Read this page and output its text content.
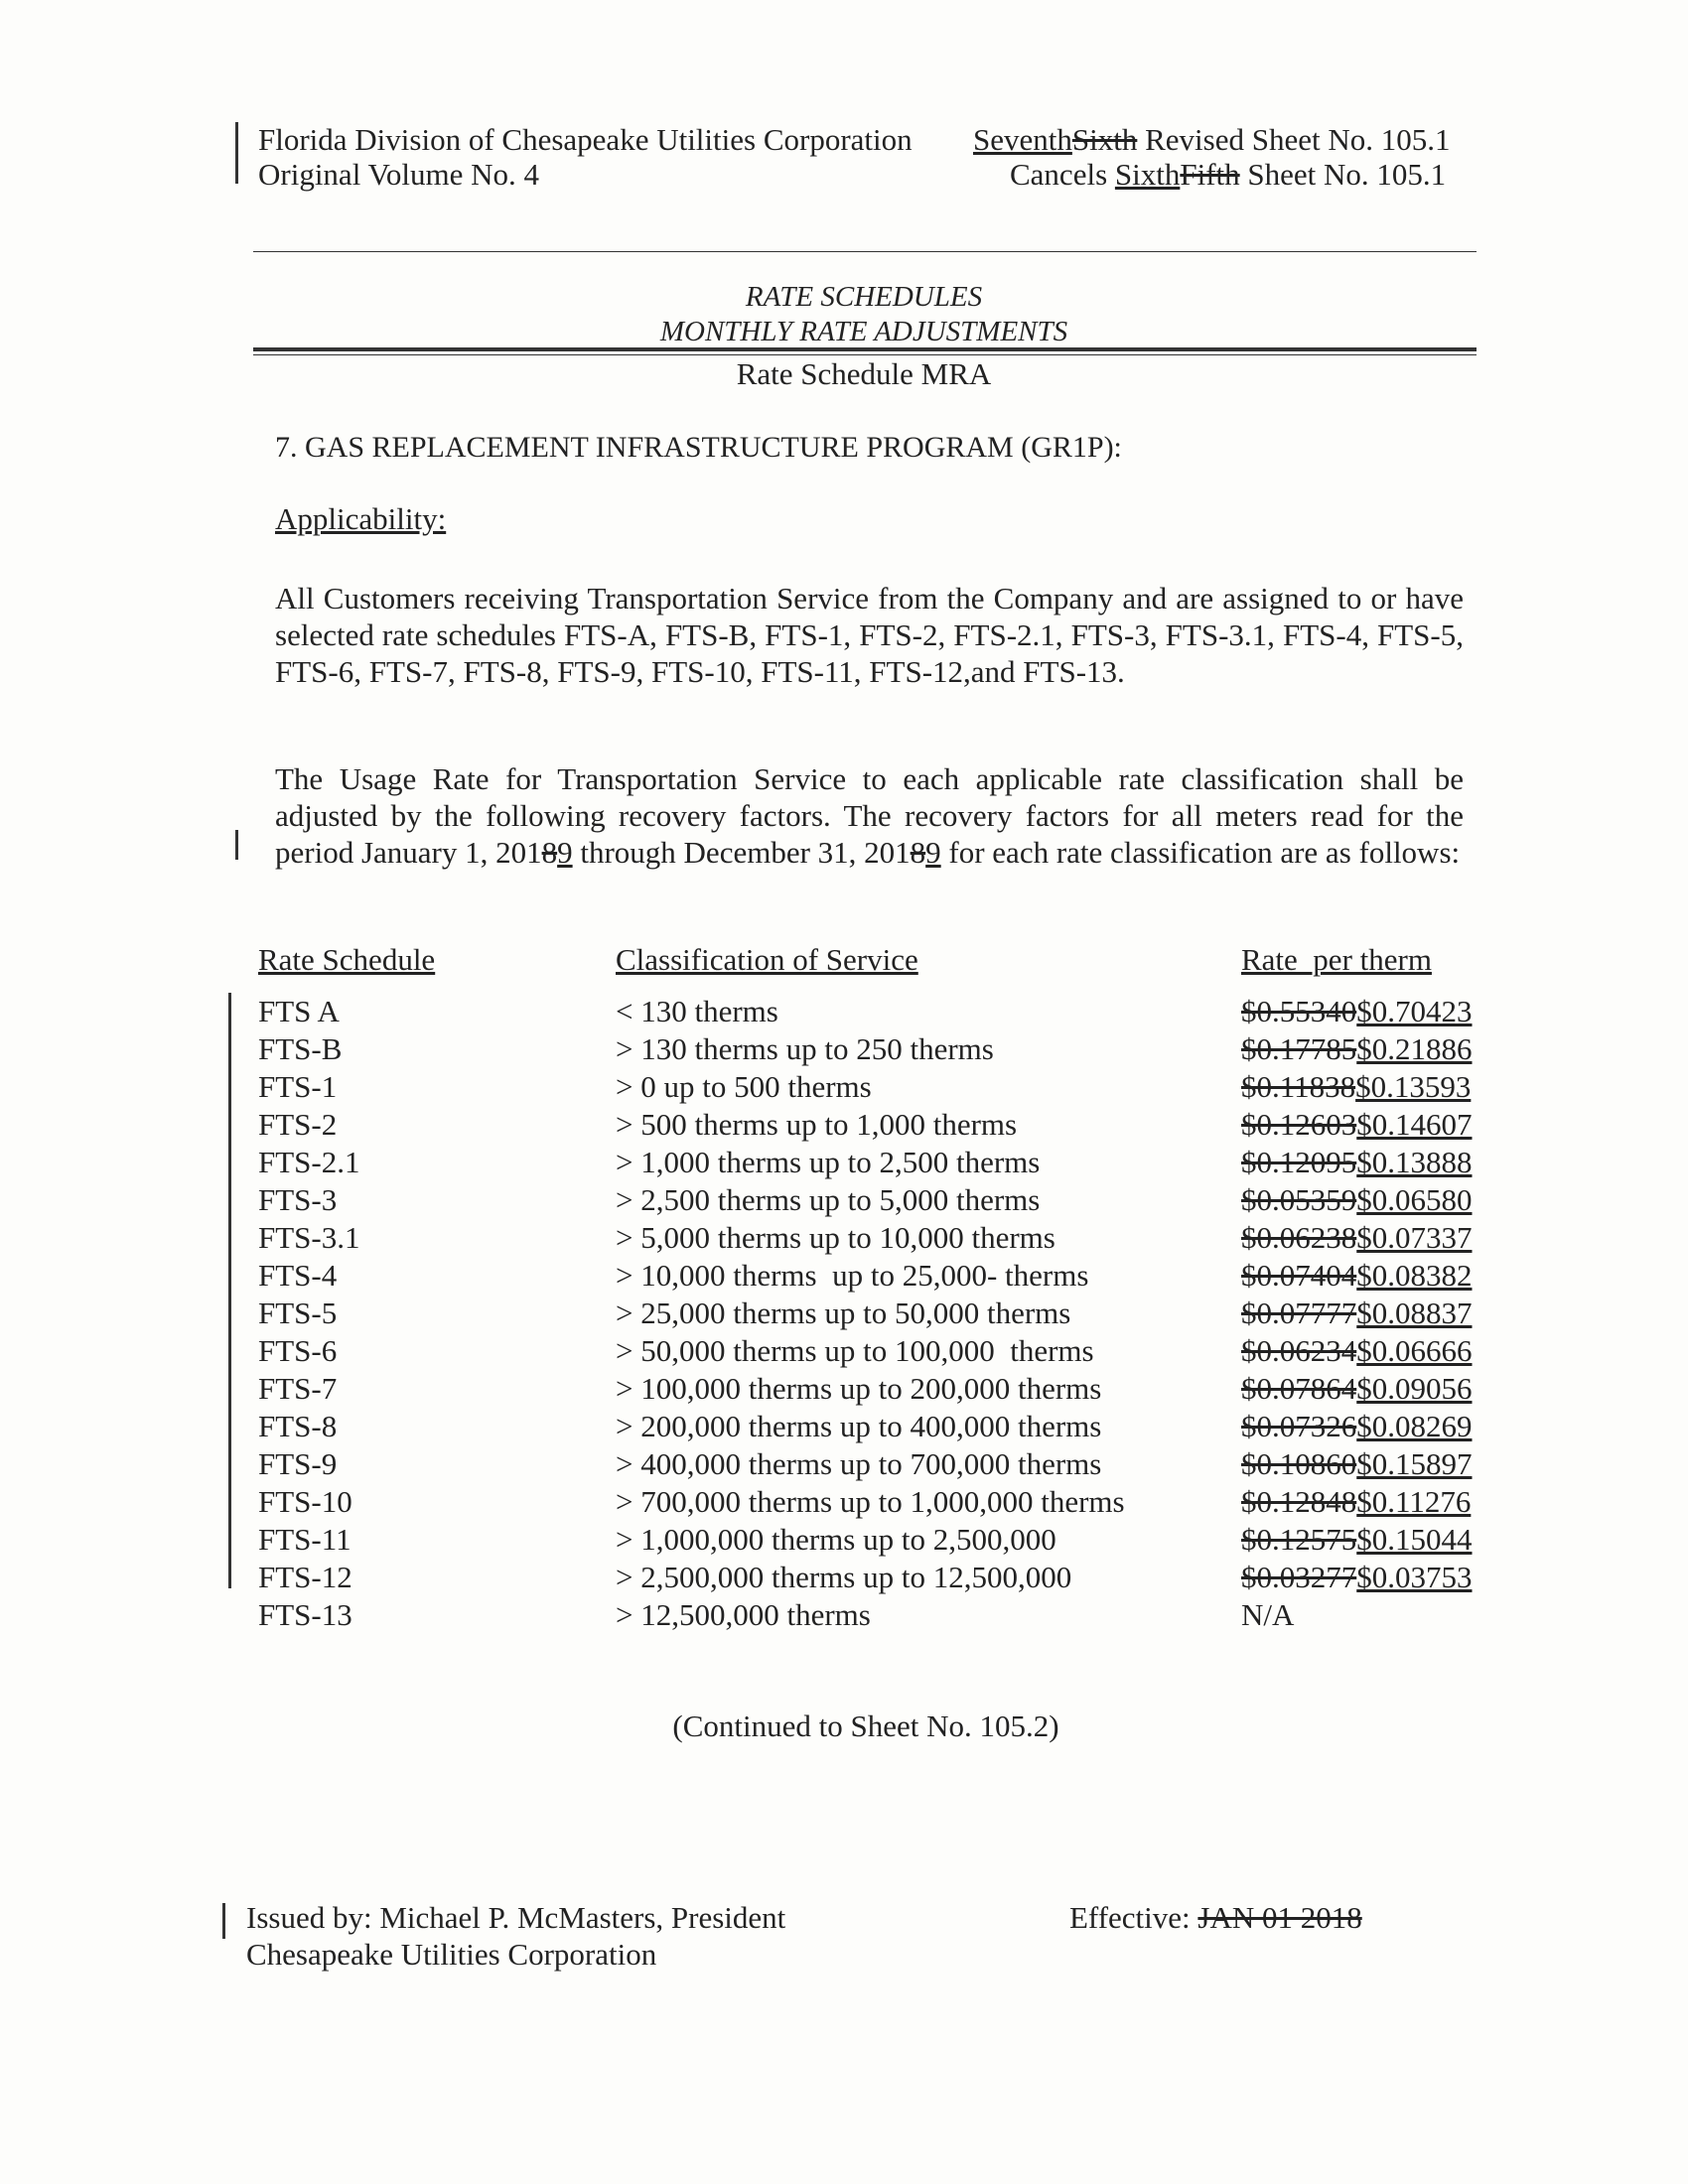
Florida Division of Chesapeake Utilities Corporation
Original Volume No. 4
SeventhSixth Revised Sheet No. 105.1
Cancels SixthFifth Sheet No. 105.1
RATE SCHEDULES
MONTHLY RATE ADJUSTMENTS
Rate Schedule MRA
7. GAS REPLACEMENT INFRASTRUCTURE PROGRAM (GR1P):
Applicability:
All Customers receiving Transportation Service from the Company and are assigned to or have selected rate schedules FTS-A, FTS-B, FTS-1, FTS-2, FTS-2.1, FTS-3, FTS-3.1, FTS-4, FTS-5, FTS-6, FTS-7, FTS-8, FTS-9, FTS-10, FTS-11, FTS-12,and FTS-13.
The Usage Rate for Transportation Service to each applicable rate classification shall be adjusted by the following recovery factors. The recovery factors for all meters read for the period January 1, 20189 through December 31, 20189 for each rate classification are as follows:
Rate Schedule	Classification of Service	Rate  per therm
FTS A	< 130 therms	$0.55340$0.70423
FTS-B	> 130 therms up to 250 therms	$0.17785$0.21886
FTS-1	> 0 up to 500 therms	$0.11838$0.13593
FTS-2	> 500 therms up to 1,000 therms	$0.12603$0.14607
FTS-2.1	> 1,000 therms up to 2,500 therms	$0.12095$0.13888
FTS-3	> 2,500 therms up to 5,000 therms	$0.05359$0.06580
FTS-3.1	> 5,000 therms up to 10,000 therms	$0.06238$0.07337
FTS-4	> 10,000 therms  up to 25,000- therms	$0.07404$0.08382
FTS-5	> 25,000 therms up to 50,000 therms	$0.07777$0.08837
FTS-6	> 50,000 therms up to 100,000  therms	$0.06234$0.06666
FTS-7	> 100,000 therms up to 200,000 therms	$0.07864$0.09056
FTS-8	> 200,000 therms up to 400,000 therms	$0.07326$0.08269
FTS-9	> 400,000 therms up to 700,000 therms	$0.10860$0.15897
FTS-10	> 700,000 therms up to 1,000,000 therms	$0.12848$0.11276
FTS-11	> 1,000,000 therms up to 2,500,000	$0.12575$0.15044
FTS-12	> 2,500,000 therms up to 12,500,000	$0.03277$0.03753
FTS-13	> 12,500,000 therms	N/A
(Continued to Sheet No. 105.2)
Issued by: Michael P. McMasters, President
Chesapeake Utilities Corporation
Effective: JAN 01 2018
